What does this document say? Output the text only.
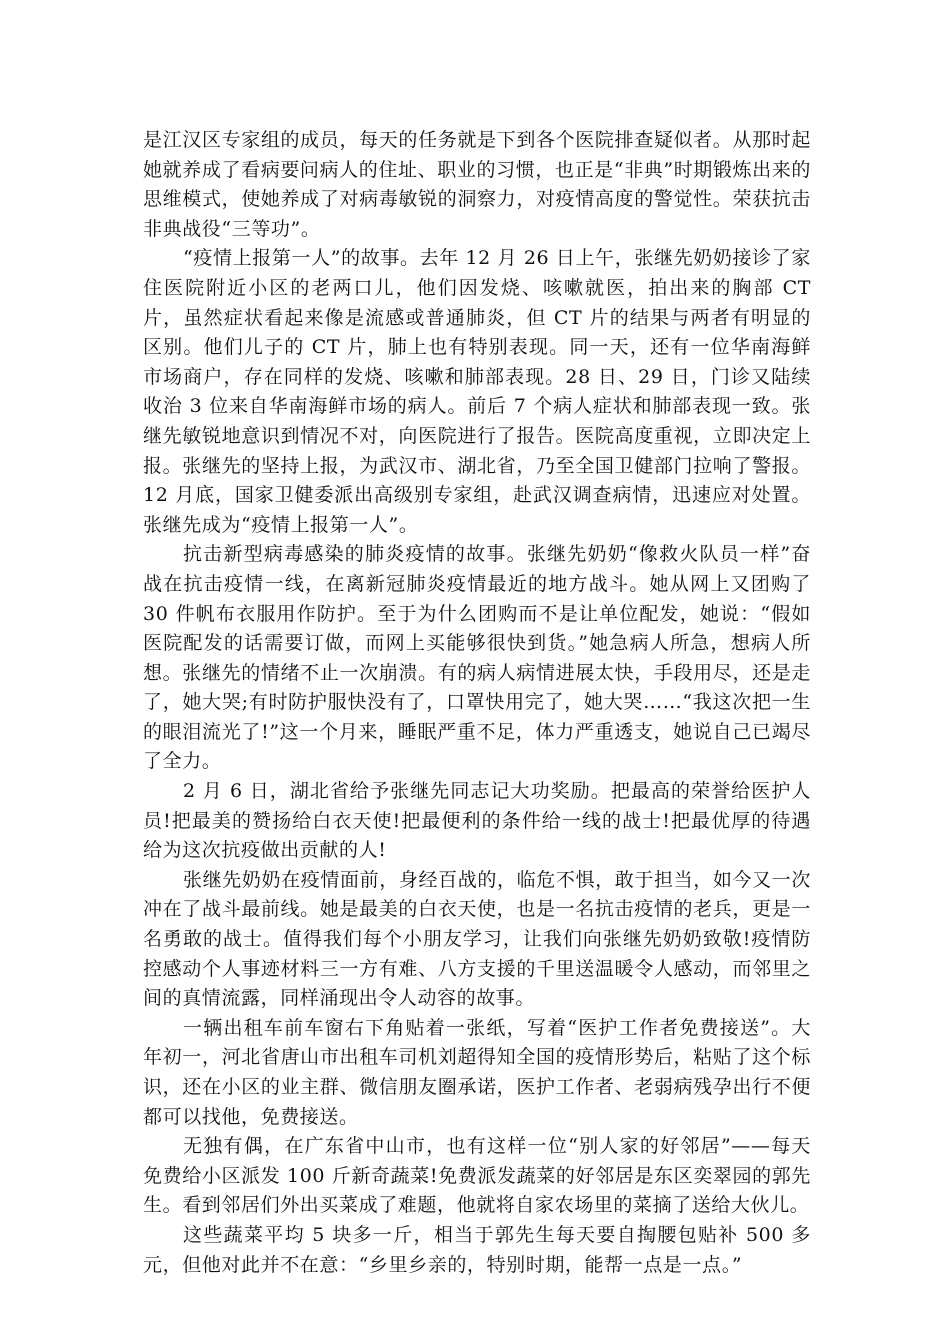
是江汉区专家组的成员，每天的任务就是下到各个医院排查疑似者。从那时起她就养成了看病要问病人的住址、职业的习惯，也正是“非典”时期锻炼出来的思维模式，使她养成了对病毒敏锐的洞察力，对疫情高度的警觉性。荣获抗击非典战役“三等功”。

“疫情上报第一人”的故事。去年 12 月 26 日上午，张继先奶奶接诊了家住医院附近小区的老两口儿，他们因发烧、咳嗽就医，拍出来的胸部 CT 片，虽然症状看起来像是流感或普通肺炎，但 CT 片的结果与两者有明显的区别。他们儿子的 CT 片，肺上也有特别表现。同一天，还有一位华南海鲜市场商户，存在同样的发烧、咳嗽和肺部表现。28 日、29 日，门诊又陆续收治 3 位来自华南海鲜市场的病人。前后 7 个病人症状和肺部表现一致。张继先敏锐地意识到情况不对，向医院进行了报告。医院高度重视，立即决定上报。张继先的坚持上报，为武汉市、湖北省，乃至全国卫健部门拉响了警报。12 月底，国家卫健委派出高级别专家组，赴武汉调查病情，迅速应对处置。张继先成为“疫情上报第一人”。

抗击新型病毒感染的肺炎疫情的故事。张继先奶奶“像救火队员一样”奋战在抗击疫情一线，在离新冠肺炎疫情最近的地方战斗。她从网上又团购了 30 件帆布衣服用作防护。至于为什么团购而不是让单位配发，她说：“假如医院配发的话需要订做，而网上买能够很快到货。”她急病人所急，想病人所想。张继先的情绪不止一次崩溃。有的病人病情进展太快，手段用尽，还是走了，她大哭;有时防护服快没有了，口罩快用完了，她大哭……“我这次把一生的眼泪流光了!”这一个月来，睡眠严重不足，体力严重透支，她说自己已竭尽了全力。

2 月 6 日，湖北省给予张继先同志记大功奖励。把最高的荣誉给医护人员!把最美的赞扬给白衣天使!把最便利的条件给一线的战士!把最优厚的待遇给为这次抗疫做出贡献的人!

张继先奶奶在疫情面前，身经百战的，临危不惧，敢于担当，如今又一次冲在了战斗最前线。她是最美的白衣天使，也是一名抗击疫情的老兵，更是一名勇敢的战士。值得我们每个小朋友学习，让我们向张继先奶奶致敬!疫情防控感动个人事迹材料三一方有难、八方支援的千里送温暖令人感动，而邻里之间的真情流露，同样涌现出令人动容的故事。

一辆出租车前车窗右下角贴着一张纸，写着“医护工作者免费接送”。大年初一，河北省唐山市出租车司机刘超得知全国的疫情形势后，粘贴了这个标识，还在小区的业主群、微信朋友圈承诺，医护工作者、老弱病残孕出行不便都可以找他，免费接送。

无独有偶，在广东省中山市，也有这样一位“别人家的好邻居”——每天免费给小区派发 100 斤新奇蔬菜!免费派发蔬菜的好邻居是东区奕翠园的郭先生。看到邻居们外出买菜成了难题，他就将自家农场里的菜摘了送给大伙儿。

这些蔬菜平均 5 块多一斤，相当于郭先生每天要自掏腰包贴补 500 多元，但他对此并不在意：“乡里乡亲的，特别时期，能帮一点是一点。”
